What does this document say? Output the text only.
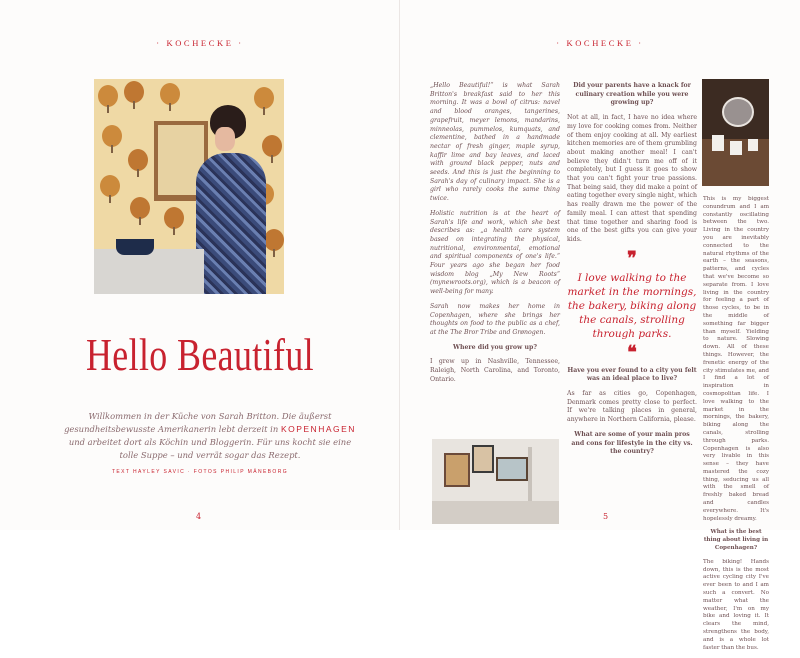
· KOCHECKE ·
Hello Beautiful
Willkommen in der Küche von Sarah Britton. Die äußerst gesundheitsbewusste Amerikanerin lebt derzeit in KOPENHAGEN und arbeitet dort als Köchin und Bloggerin. Für uns kocht sie eine tolle Suppe – und verrät sogar das Rezept.
TEXT HAYLEY SAVIC · FOTOS PHILIP MÄNEBORG
4
· KOCHECKE ·
5

„Hello Beautiful!“ is what Sarah Britton's breakfast said to her this morning. It was a bowl of citrus: navel and blood oranges, tangerines, grapefruit, meyer lemons, mandarins, minneolas, pummelos, kumquats, and clementine, bathed in a handmade nectar of fresh ginger, maple syrup, kaffir lime and bay leaves, and laced with ground black pepper, nuts and seeds. And this is just the beginning to Sarah's day of culinary impact. She is a girl who rarely cooks the same thing twice.

Holistic nutrition is at the heart of Sarah's life and work, which she best describes as: „a health care system based on integrating the physical, nutritional, environmental, emotional and spiritual components of one's life.“ Four years ago she began her food wisdom blog „My New Roots“ (mynewroots.org), which is a beacon of well-being for many.

Sarah now makes her home in Copenhagen, where she brings her thoughts on food to the public as a chef, at the The Bror Tribe and Grønogen.

Where did you grow up?

I grew up in Nashville, Tennessee, Raleigh, North Carolina, and Toronto, Ontario.

Did your parents have a knack for culinary creation while you were growing up?

Not at all, in fact, I have no idea where my love for cooking comes from. Neither of them enjoy cooking at all. My earliest kitchen memories are of them grumbling about making another meal! I can't believe they didn't turn me off of it completely, but I guess it goes to show that you can't fight your true passions. That being said, they did make a point of eating together every single night, which has really drawn me the power of the family meal. I can attest that spending that time together and sharing food is one of the best gifts you can give your kids.

❞
I love walking to the market in the mornings, the bakery, biking along the canals, strolling through parks.
❝

Have you ever found to a city you felt was an ideal place to live?

As far as cities go, Copenhagen, Denmark comes pretty close to perfect. If we're talking places in general, anywhere in Northern California, please.

What are some of your main pros and cons for lifestyle in the city vs. the country?

This is my biggest conundrum and I am constantly oscillating between the two. Living in the country you are inevitably connected to the natural rhythms of the earth – the seasons, patterns, and cycles that we've become so separate from. I love living in the country for feeling a part of those cycles, to be in the middle of something far bigger than myself. Yielding to nature. Slowing down. All of these things. However, the frenetic energy of the city stimulates me, and I find a lot of inspiration in cosmopolitan life. I love walking to the market in the mornings, the bakery, biking along the canals, strolling through parks. Copenhagen is also very livable in this sense – they have mastered the cozy thing, seducing us all with the smell of freshly baked bread and candles everywhere. It's hopelessly dreamy.

What is the best thing about living in Copenhagen?

The biking! Hands down, this is the most active cycling city I've ever been to and I am such a convert. No matter what the weather, I'm on my bike and loving it. It clears the mind, strengthens the body, and is a whole lot faster than the bus.
